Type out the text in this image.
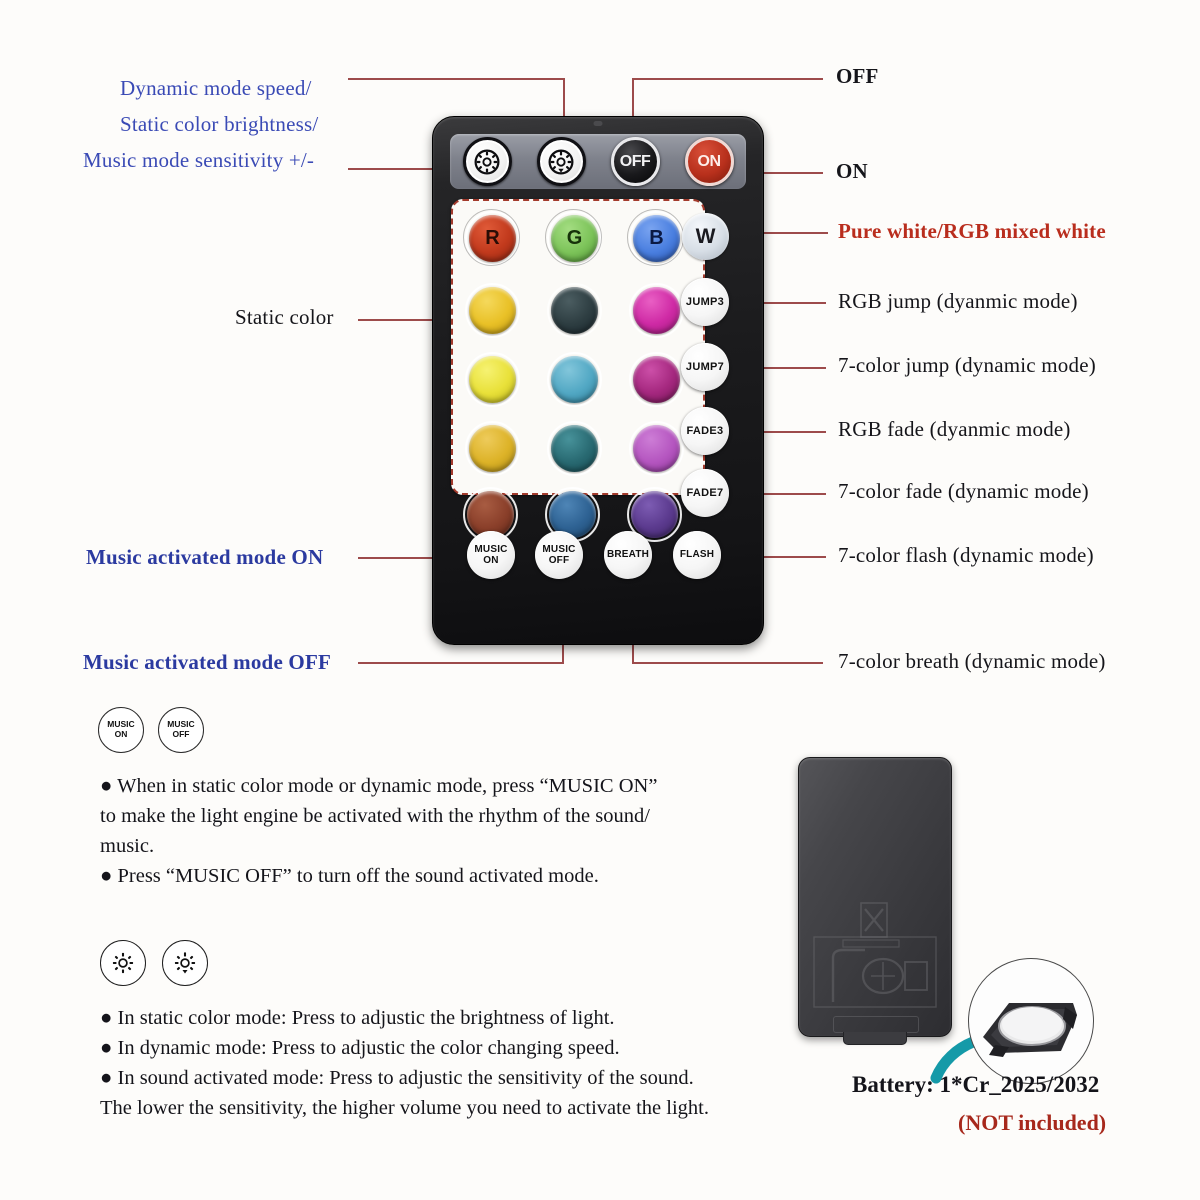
Dynamic mode speed/
Static color brightness/
Music mode sensitivity +/-
Static color
Music activated mode ON
Music activated mode OFF
OFF
ON
Pure white/RGB mixed white
RGB jump (dyanmic mode)
7-color jump (dynamic mode)
RGB fade (dyanmic mode)
7-color fade (dynamic mode)
7-color flash (dynamic mode)
7-color breath (dynamic mode)
OFF	ON
R	G	B W
JUMP3
JUMP7
FADE3
FADE7
MUSIC
ON
MUSIC
OFF
BREATH	FLASH
MUSIC
ON

MUSIC
OFF
● When in static color mode or dynamic mode, press “MUSIC ON”
to make the light engine be activated with the rhythm of the sound/
music.
● Press “MUSIC OFF” to turn off the sound activated mode.

● In static color mode: Press to adjustic the brightness of light.
● In dynamic mode: Press to adjustic the color changing speed.
● In sound activated mode: Press to adjustic the sensitivity of the sound.
The lower the sensitivity, the higher volume you need to activate the light.
Battery: 1*Cr_2025/2032
(NOT included)
